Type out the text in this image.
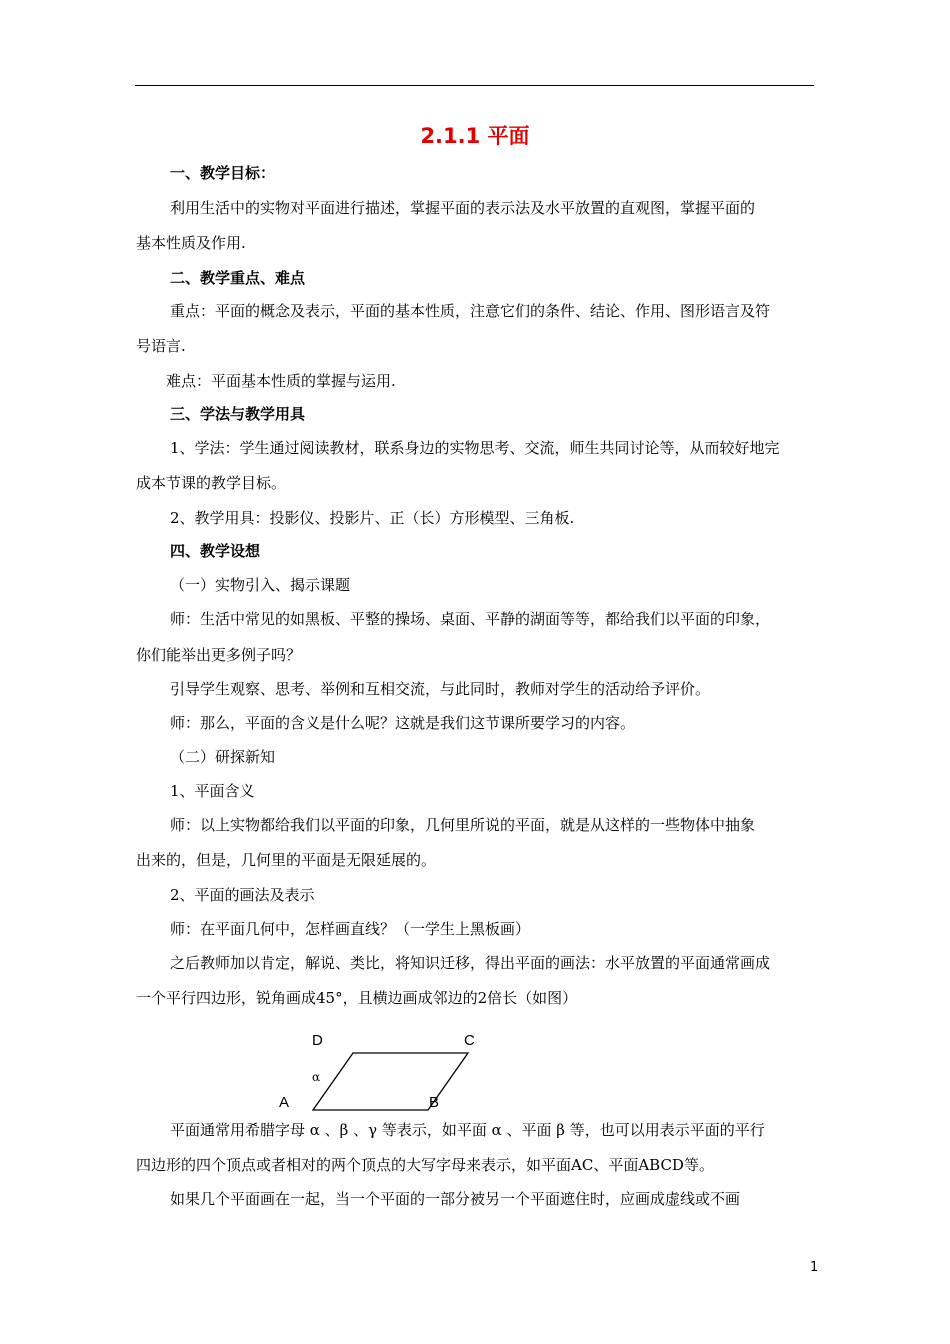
2.1.1 平面
一、教学目标：
利用生活中的实物对平面进行描述，掌握平面的表示法及水平放置的直观图，掌握平面的
基本性质及作用.
二、教学重点、难点
重点：平面的概念及表示，平面的基本性质，注意它们的条件、结论、作用、图形语言及符
号语言.
难点：平面基本性质的掌握与运用.
三、学法与教学用具
1、学法：学生通过阅读教材，联系身边的实物思考、交流，师生共同讨论等，从而较好地完
成本节课的教学目标。
2、教学用具：投影仪、投影片、正（长）方形模型、三角板.
四、教学设想
（一）实物引入、揭示课题
师：生活中常见的如黑板、平整的操场、桌面、平静的湖面等等，都给我们以平面的印象，
你们能举出更多例子吗？
引导学生观察、思考、举例和互相交流，与此同时，教师对学生的活动给予评价。
师：那么，平面的含义是什么呢？这就是我们这节课所要学习的内容。
（二）研探新知
1、平面含义
师：以上实物都给我们以平面的印象，几何里所说的平面，就是从这样的一些物体中抽象
出来的，但是，几何里的平面是无限延展的。
2、平面的画法及表示
师：在平面几何中，怎样画直线？（一学生上黑板画）
之后教师加以肯定，解说、类比，将知识迁移，得出平面的画法：水平放置的平面通常画成
一个平行四边形，锐角画成45°，且横边画成邻边的2倍长（如图）
D	C
A	B
α
平面通常用希腊字母 α 、β 、γ 等表示，如平面 α 、平面 β 等，也可以用表示平面的平行
四边形的四个顶点或者相对的两个顶点的大写字母来表示，如平面AC、平面ABCD等。
如果几个平面画在一起，当一个平面的一部分被另一个平面遮住时，应画成虚线或不画
1
